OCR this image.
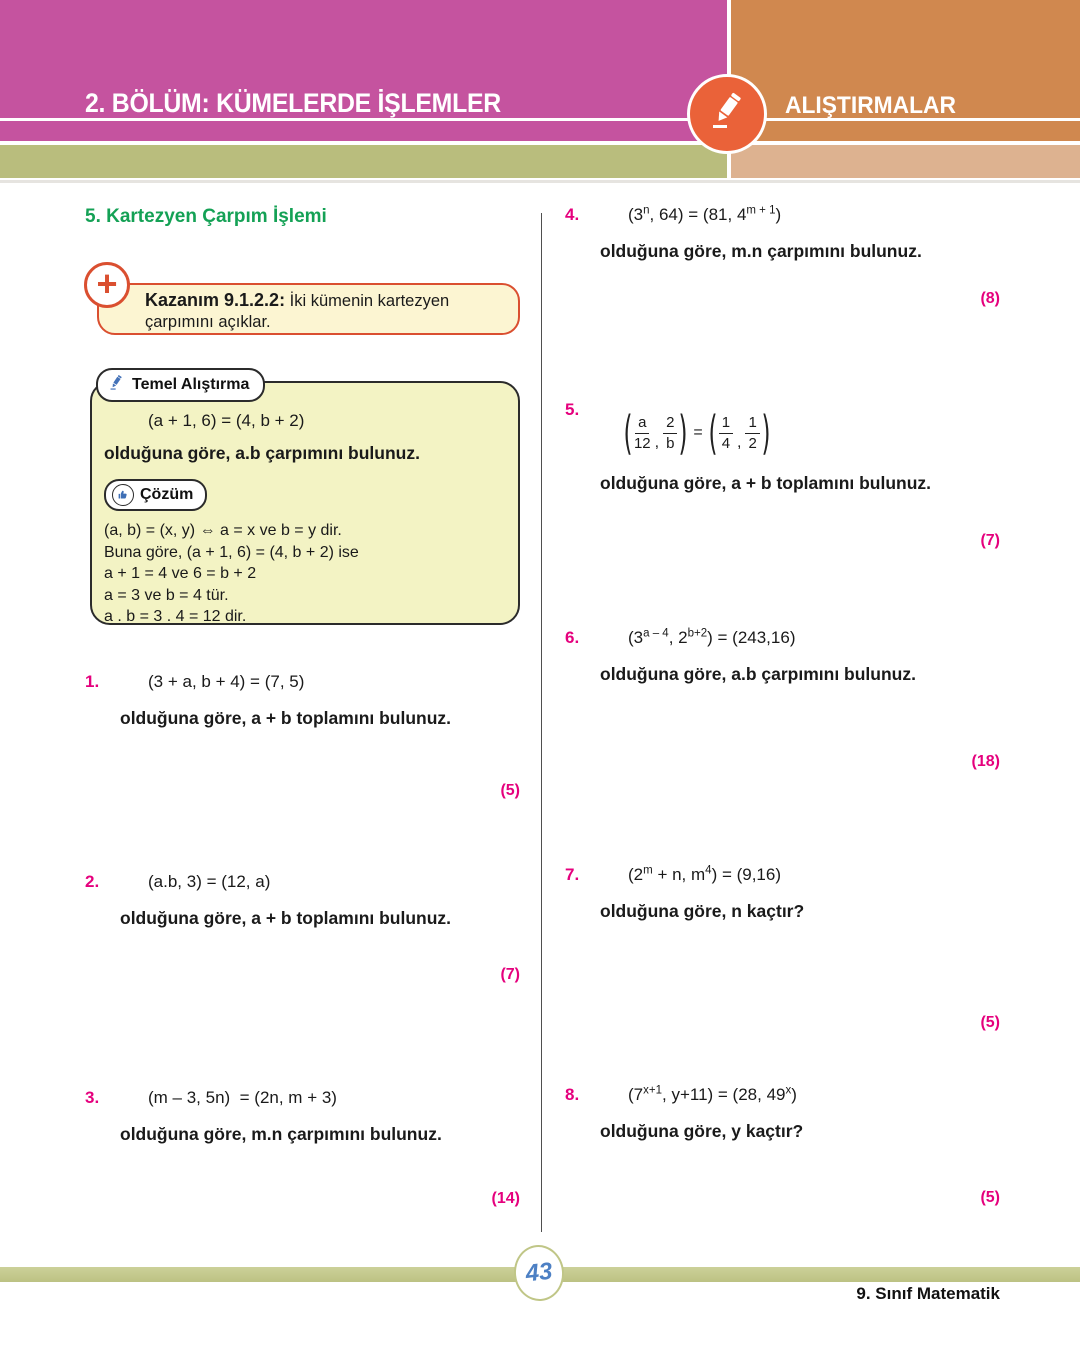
2. BÖLÜM: KÜMELERDE İŞLEMLER	ALIŞTIRMALAR
5. Kartezyen Çarpım İşlemi
Kazanım 9.1.2.2: İki kümenin kartezyen çarpımını açıklar.
+
Temel Alıştırma
(a + 1, 6) = (4, b + 2)
olduğuna göre, a.b çarpımını bulunuz.
Çözüm
(a, b) = (x, y) ⇔ a = x ve b = y dir.
Buna göre, (a + 1, 6) = (4, b + 2) ise
a + 1 = 4 ve 6 = b + 2
a = 3 ve b = 4 tür.
a . b = 3 . 4 = 12 dir.
1.	(3 + a, b + 4) = (7, 5)
olduğuna göre, a + b toplamını bulunuz.
(5)
2.	(a.b, 3) = (12, a)
olduğuna göre, a + b toplamını bulunuz.
(7)
3.	(m – 3, 5n)  = (2n, m + 3)
olduğuna göre, m.n çarpımını bulunuz.
(14)
4.	(3$^n$, 64) = (81, $4^{m + 1}$)
olduğuna göre, m.n çarpımını bulunuz.
(8)
5. ( $\frac{a}{12}$ , $\frac{2}{b}$ ) = ( $\frac{1}{4}$ , $\frac{1}{2}$ )
olduğuna göre, a + b toplamını bulunuz.
(7)
6.	(3$^{a - 4}$, $2^{b+2}) = (243,16)$
olduğuna göre, a.b çarpımını bulunuz.
(18)
7.	($2^m + n$, $m^4) = (9,16)$
olduğuna göre, n kaçtır?
(5)
8.	($7^{x+1}$, y+11) = (28, 49$^x$)
olduğuna göre, y kaçtır?
(5)
43
9. Sınıf Matematik
